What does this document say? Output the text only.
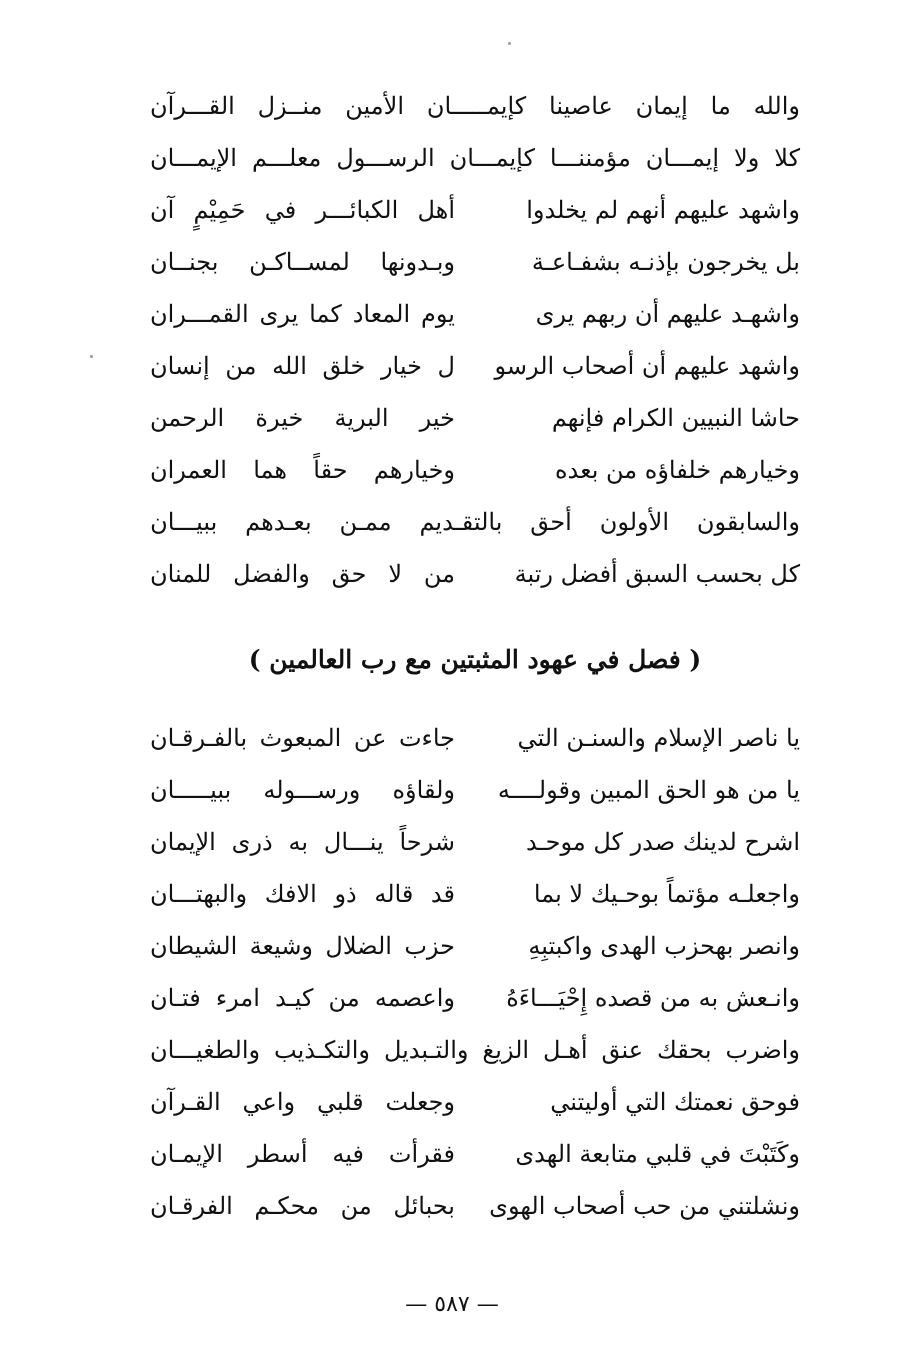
والله
ما
إيمان
عاصينا
كإيمـــــان
الأمين
منــزل
القـــرآن
كلا
ولا
إيمـــان
مؤمننـــا
كإيمـــان
الرســـول
معلـــم
الإيمـــان
واشهد عليهم أنهم لم يخلدوا
أهل الكبائـــر في حَمِيْمٍ آن
بل يخرجون بإذنـه بشفـاعـة
وبـدونها لمســاكـن بجنــان
واشهـد عليهم أن ربهم يرى
يوم المعاد كما يرى القمـــران
واشهد عليهم أن أصحاب الرسو
ل خيار خلق الله من إنسان
حاشا النبيين الكرام فإنهم
خير البرية خيرة الرحمن
وخيارهم خلفاؤه من بعده
وخيارهم حقاً هما العمران
والسابقون
الأولون
أحق
بالتقـديم
ممـن
بعـدهم
ببيـــان
كل بحسب السبق أفضل رتبة
من لا حق والفضل للمنان
( فصل في عهود المثبتين مع رب العالمين )
يا ناصر الإسلام والسنـن التي
جاءت عن المبعوث بالفـرقـان
يا من هو الحق المبين وقولــــه
ولقاؤه ورســـوله ببيـــــان
اشرح لدينك صدر كل موحـد
شرحاً ينـــال به ذرى الإيمان
واجعلـه مؤتماً بوحـيك لا بما
قد قاله ذو الافك والبهتـــان
وانصر بهحزب الهدى واكبتبِهِ
حزب الضلال وشيعة الشيطان
وانـعش به من قصده إِحْيَـــاءَهُ
واعصمه من كيـد امرء فتـان
واضرب
بحقك
عنق
أهـل
الزيغ
والتـبديل
والتكـذيب
والطغيـــان
فوحق نعمتك التي أوليتني
وجعلت قلبي واعي القـرآن
وكَتَبْتَ في قلبي متابعة الهدى
فقرأت فيه أسطر الإيمـان
ونشلتني من حب أصحاب الهوى
بحبائل من محكـم الفرقـان
— ٥٨٧ —
